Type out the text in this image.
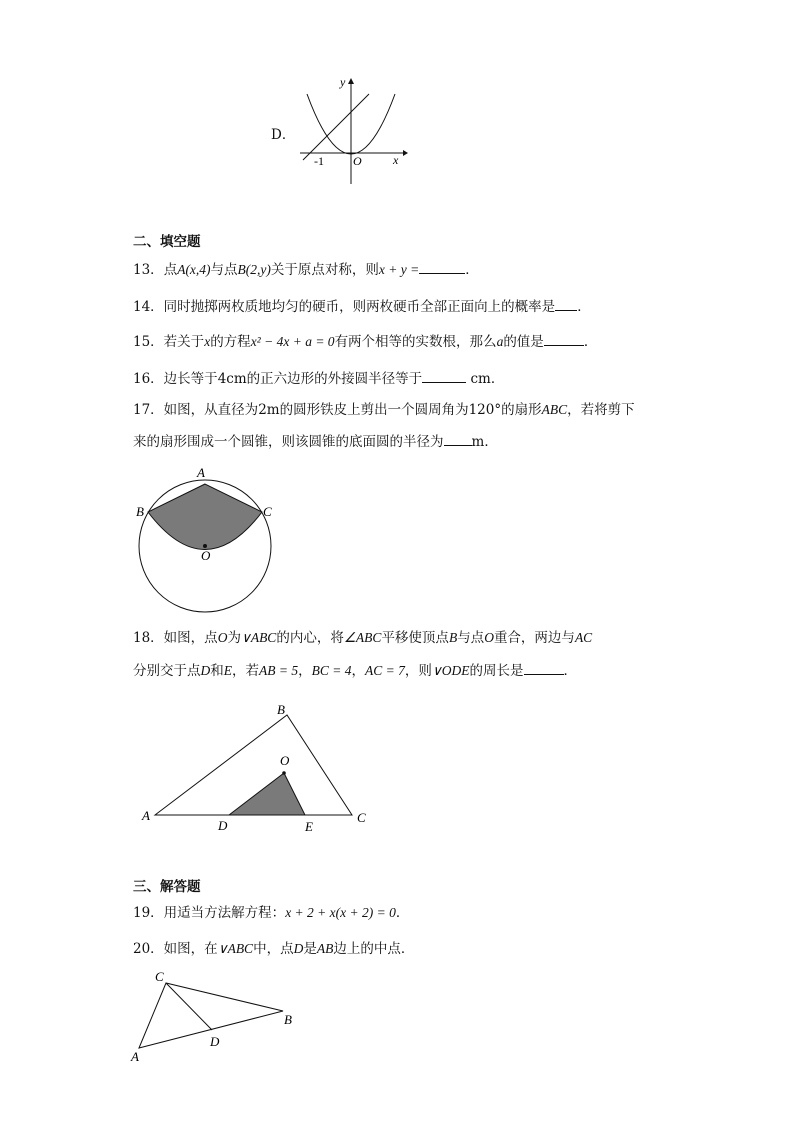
D．
y
x
-1 O
二、填空题
13．点A(x,4)与点B(2,y)关于原点对称，则x + y =	．
14．同时抛掷两枚质地均匀的硬币，则两枚硬币全部正面向上的概率是 ．
15．若关于x的方程x² − 4x + a = 0有两个相等的实数根，那么a的值是	．
16．边长等于4cm的正六边形的外接圆半径等于	cm．
17．如图，从直径为2m的圆形铁皮上剪出一个圆周角为120°的扇形ABC，若将剪下
来的扇形围成一个圆锥，则该圆锥的底面圆的半径为 m．
A
B	C
O
18．如图，点O为∨ABC的内心，将∠ABC平移使顶点B与点O重合，两边与AC
分别交于点D和E，若AB = 5，BC = 4，AC = 7，则∨ODE的周长是	．
A
B
C
O
D	E
三、解答题
19．用适当方法解方程：x + 2 + x(x + 2) = 0．
20．如图，在∨ABC中，点D是AB边上的中点．
A
C
B
D
